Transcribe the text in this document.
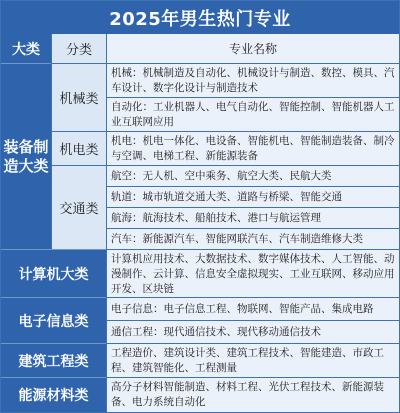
2025年男生热门专业
大类	分类	专业名称
装备制造大类
机械类
机械：机械制造及自动化、机械设计与制造、数控、模具、汽车设计、数字化设计与制造技术
自动化：工业机器人、电气自动化、智能控制、智能机器人工业互联网应用
机电类
机电：机电一体化、电设备、智能机电、智能制造装备、制冷与空调、电梯工程、新能源装备
交通类
航空：无人机、空中乘务、航空大类、民航大类
轨道：城市轨道交通大类、道路与桥梁、智能交通
航海：航海技术、船舶技术、港口与航运管理
汽车：新能源汽车、智能网联汽车、汽车制造维修大类
计算机大类
计算机应用技术、大数据技术、数字媒体技术、人工智能、动漫制作、云计算、信息安全虚拟现实、工业互联网、移动应用开发、区块链
电子信息类
电子信息：电子信息工程、物联网、智能产品、集成电路
通信工程：现代通信技术、现代移动通信技术
建筑工程类
工程造价、建筑设计类、建筑工程技术、智能建造、市政工程、建筑智能化、工程测量
能源材料类
高分子材料智能制造、材料工程、光伏工程技术、新能源装备、电力系统自动化
